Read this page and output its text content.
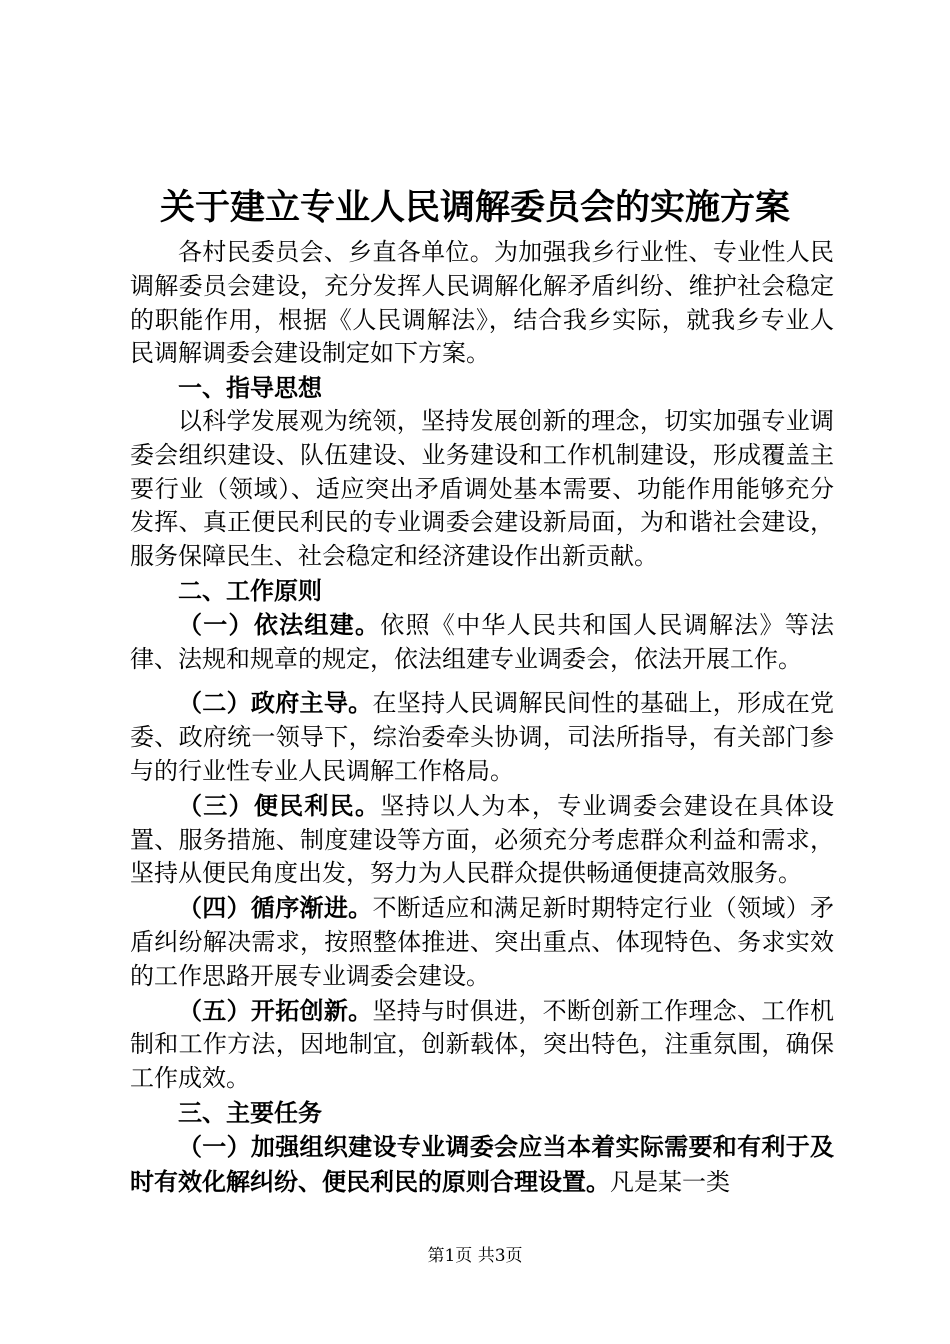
关于建立专业人民调解委员会的实施方案

各村民委员会、乡直各单位。为加强我乡行业性、专业性人民调解委员会建设，充分发挥人民调解化解矛盾纠纷、维护社会稳定的职能作用，根据《人民调解法》，结合我乡实际，就我乡专业人民调解调委会建设制定如下方案。

一、指导思想

以科学发展观为统领，坚持发展创新的理念，切实加强专业调委会组织建设、队伍建设、业务建设和工作机制建设，形成覆盖主要行业（领域）、适应突出矛盾调处基本需要、功能作用能够充分发挥、真正便民利民的专业调委会建设新局面，为和谐社会建设，服务保障民生、社会稳定和经济建设作出新贡献。

二、工作原则

（一）依法组建。依照《中华人民共和国人民调解法》等法律、法规和规章的规定，依法组建专业调委会，依法开展工作。

（二）政府主导。在坚持人民调解民间性的基础上，形成在党委、政府统一领导下，综治委牵头协调，司法所指导，有关部门参与的行业性专业人民调解工作格局。

（三）便民利民。坚持以人为本，专业调委会建设在具体设置、服务措施、制度建设等方面，必须充分考虑群众利益和需求，坚持从便民角度出发，努力为人民群众提供畅通便捷高效服务。

（四）循序渐进。不断适应和满足新时期特定行业（领域）矛盾纠纷解决需求，按照整体推进、突出重点、体现特色、务求实效的工作思路开展专业调委会建设。

（五）开拓创新。坚持与时俱进，不断创新工作理念、工作机制和工作方法，因地制宜，创新载体，突出特色，注重氛围，确保工作成效。

三、主要任务

（一）加强组织建设专业调委会应当本着实际需要和有利于及时有效化解纠纷、便民利民的原则合理设置。凡是某一类

第1页 共3页
